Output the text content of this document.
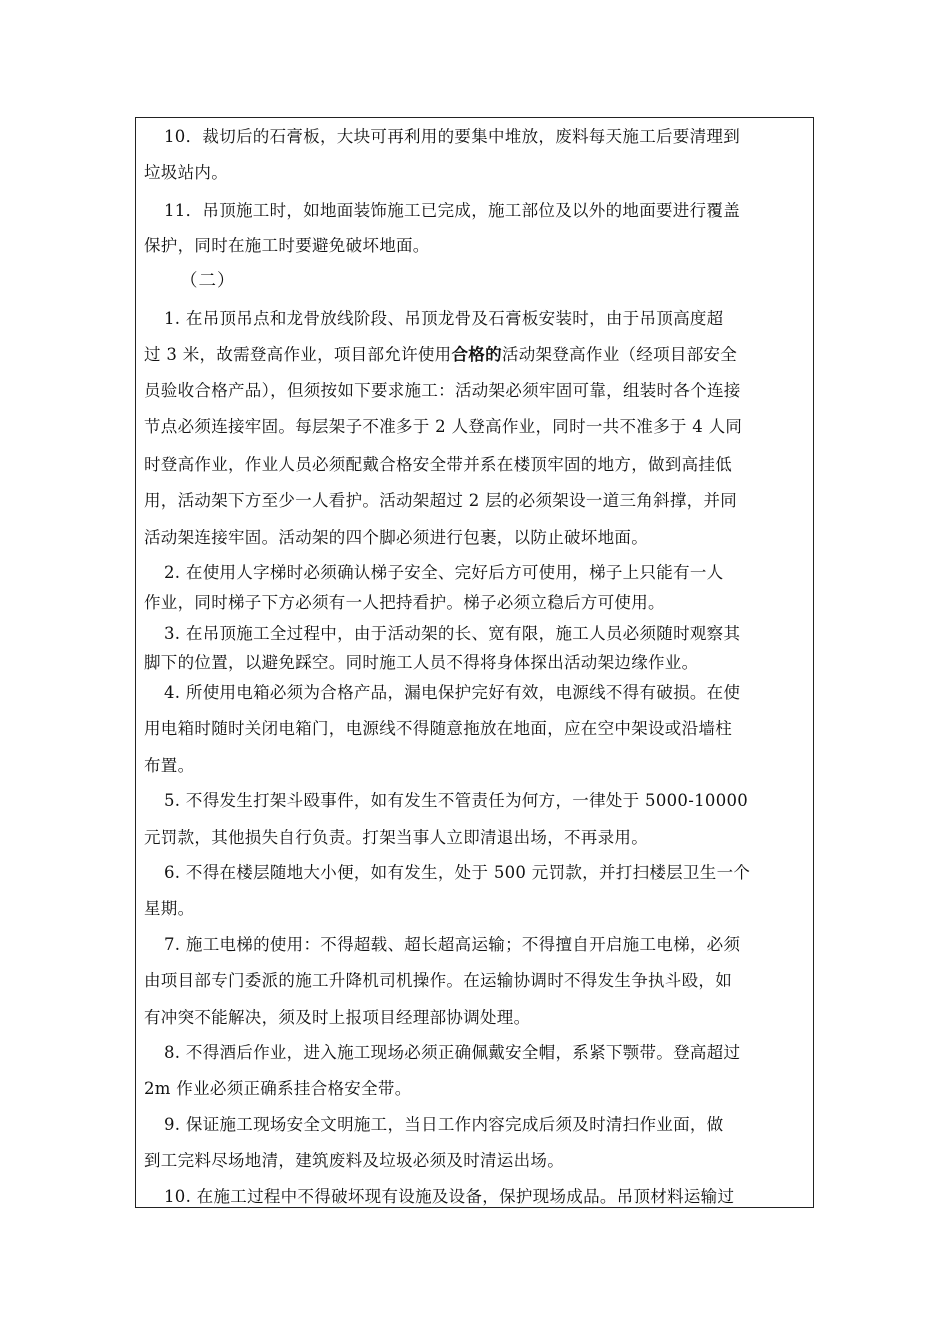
10．裁切后的石膏板，大块可再利用的要集中堆放，废料每天施工后要清理到
垃圾站内。
11．吊顶施工时，如地面装饰施工已完成，施工部位及以外的地面要进行覆盖
保护，同时在施工时要避免破坏地面。
（二）
1. 在吊顶吊点和龙骨放线阶段、吊顶龙骨及石膏板安装时，由于吊顶高度超
过 3 米，故需登高作业，项目部允许使用合格的活动架登高作业（经项目部安全
员验收合格产品），但须按如下要求施工：活动架必须牢固可靠，组装时各个连接
节点必须连接牢固。每层架子不准多于 2 人登高作业，同时一共不准多于 4 人同
时登高作业，作业人员必须配戴合格安全带并系在楼顶牢固的地方，做到高挂低
用，活动架下方至少一人看护。活动架超过 2 层的必须架设一道三角斜撑，并同
活动架连接牢固。活动架的四个脚必须进行包裹，以防止破坏地面。
2. 在使用人字梯时必须确认梯子安全、完好后方可使用，梯子上只能有一人
作业，同时梯子下方必须有一人把持看护。梯子必须立稳后方可使用。
3. 在吊顶施工全过程中，由于活动架的长、宽有限，施工人员必须随时观察其
脚下的位置，以避免踩空。同时施工人员不得将身体探出活动架边缘作业。
4. 所使用电箱必须为合格产品，漏电保护完好有效，电源线不得有破损。在使
用电箱时随时关闭电箱门，电源线不得随意拖放在地面，应在空中架设或沿墙柱
布置。
5. 不得发生打架斗殴事件，如有发生不管责任为何方，一律处于 5000-10000
元罚款，其他损失自行负责。打架当事人立即清退出场，不再录用。
6. 不得在楼层随地大小便，如有发生，处于 500 元罚款，并打扫楼层卫生一个
星期。
7. 施工电梯的使用：不得超载、超长超高运输；不得擅自开启施工电梯，必须
由项目部专门委派的施工升降机司机操作。在运输协调时不得发生争执斗殴，如
有冲突不能解决，须及时上报项目经理部协调处理。
8. 不得酒后作业，进入施工现场必须正确佩戴安全帽，系紧下颚带。登高超过
2m 作业必须正确系挂合格安全带。
9. 保证施工现场安全文明施工，当日工作内容完成后须及时清扫作业面，做
到工完料尽场地清，建筑废料及垃圾必须及时清运出场。
10. 在施工过程中不得破坏现有设施及设备，保护现场成品。吊顶材料运输过
